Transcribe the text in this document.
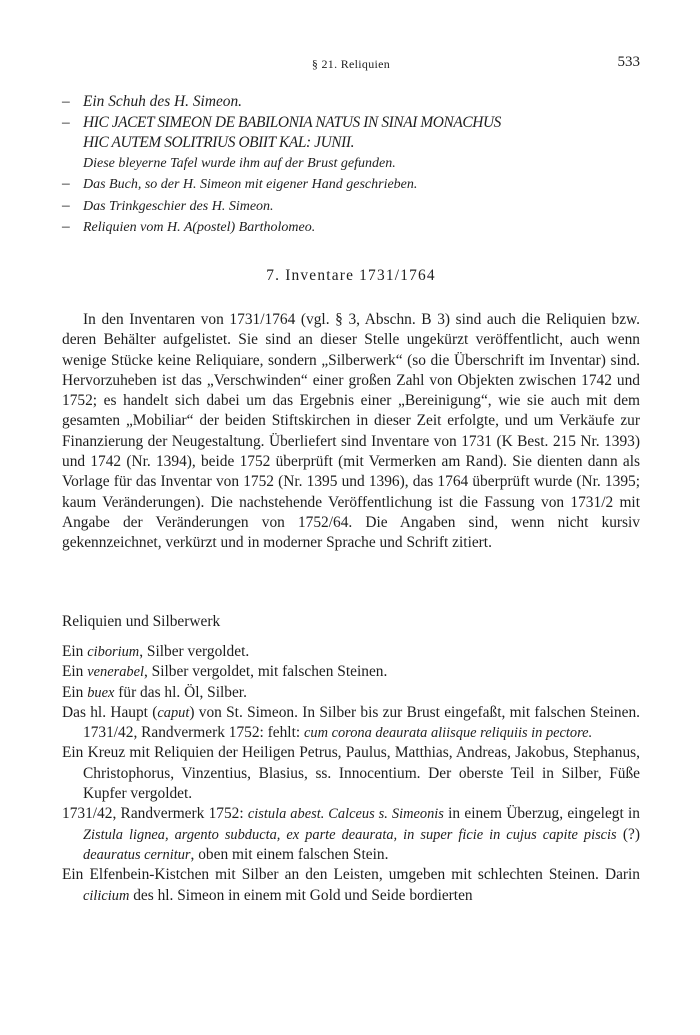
§ 21. Reliquien	533
– Ein Schuh des H. Simeon.
– HIC JACET SIMEON DE BABILONIA NATUS IN SINAI MONACHUS
HIC AUTEM SOLITRIUS OBIIT KAL: JUNII.
Diese bleyerne Tafel wurde ihm auf der Brust gefunden.
– Das Buch, so der H. Simeon mit eigener Hand geschrieben.
– Das Trinkgeschier des H. Simeon.
– Reliquien vom H. A(postel) Bartholomeo.
7. Inventare 1731/1764
In den Inventaren von 1731/1764 (vgl. § 3, Abschn. B 3) sind auch die Reliquien bzw. deren Behälter aufgelistet. Sie sind an dieser Stelle ungekürzt veröffentlicht, auch wenn wenige Stücke keine Reliquiare, sondern „Silberwerk“ (so die Überschrift im Inventar) sind. Hervorzuheben ist das „Verschwinden“ einer großen Zahl von Objekten zwischen 1742 und 1752; es handelt sich dabei um das Ergebnis einer „Bereinigung“, wie sie auch mit dem gesamten „Mobiliar“ der beiden Stiftskirchen in dieser Zeit erfolgte, und um Verkäufe zur Finanzierung der Neugestaltung. Überliefert sind Inventare von 1731 (K Best. 215 Nr. 1393) und 1742 (Nr. 1394), beide 1752 überprüft (mit Vermerken am Rand). Sie dienten dann als Vorlage für das Inventar von 1752 (Nr. 1395 und 1396), das 1764 überprüft wurde (Nr. 1395; kaum Veränderungen). Die nachstehende Veröffentlichung ist die Fassung von 1731/2 mit Angabe der Veränderungen von 1752/64. Die Angaben sind, wenn nicht kursiv gekennzeichnet, verkürzt und in moderner Sprache und Schrift zitiert.
Reliquien und Silberwerk
Ein ciborium, Silber vergoldet.
Ein venerabel, Silber vergoldet, mit falschen Steinen.
Ein buex für das hl. Öl, Silber.
Das hl. Haupt (caput) von St. Simeon. In Silber bis zur Brust eingefaßt, mit falschen Steinen. 1731/42, Randvermerk 1752: fehlt: cum corona deaurata aliisque reliquiis in pectore.
Ein Kreuz mit Reliquien der Heiligen Petrus, Paulus, Matthias, Andreas, Jakobus, Stephanus, Christophorus, Vinzentius, Blasius, ss. Innocentium. Der oberste Teil in Silber, Füße Kupfer vergoldet.
1731/42, Randvermerk 1752: cistula abest. Calceus s. Simeonis in einem Überzug, eingelegt in Zistula lignea, argento subducta, ex parte deaurata, in super ficie in cujus capite piscis (?) deauratus cernitur, oben mit einem falschen Stein.
Ein Elfenbein-Kistchen mit Silber an den Leisten, umgeben mit schlechten Steinen. Darin cilicium des hl. Simeon in einem mit Gold und Seide bordierten
